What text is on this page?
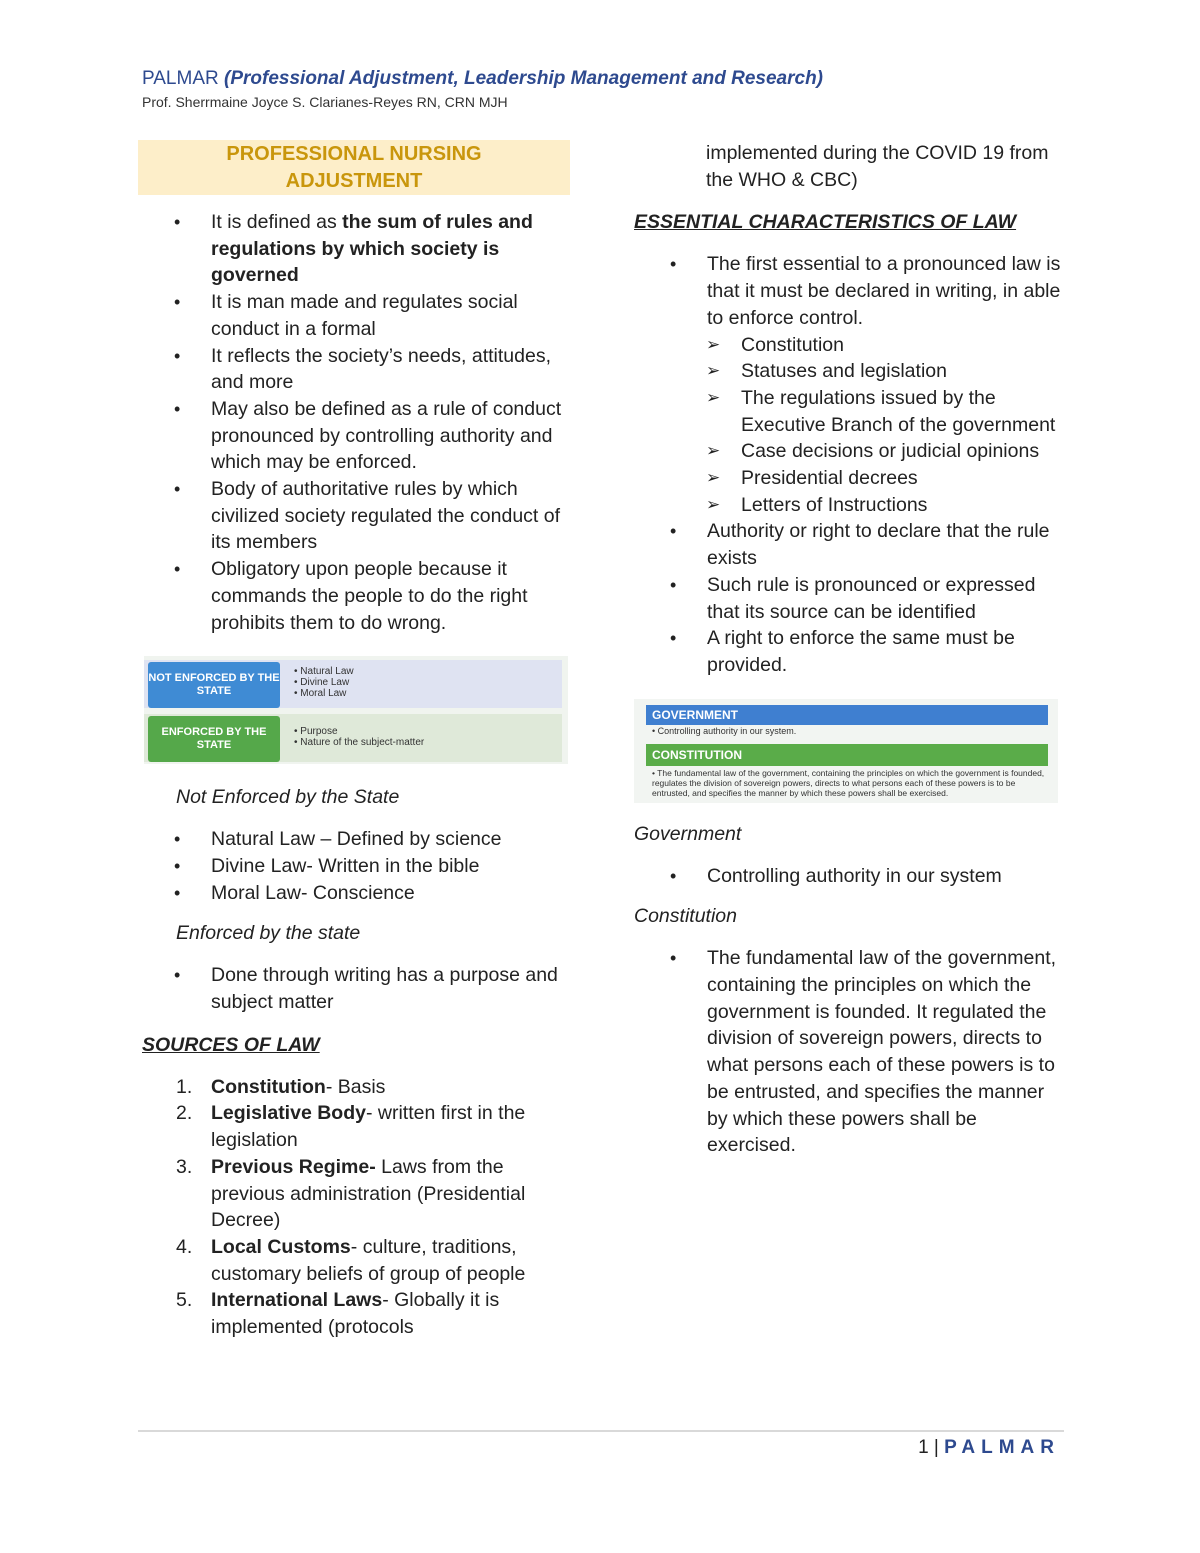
PALMAR (Professional Adjustment, Leadership Management and Research)
Prof. Sherrmaine Joyce S. Clarianes-Reyes RN, CRN MJH
PROFESSIONAL NURSING
ADJUSTMENT
• It is defined as the sum of rules and regulations by which society is governed
• It is man made and regulates social conduct in a formal
• It reflects the society’s needs, attitudes, and more
• May also be defined as a rule of conduct pronounced by controlling authority and which may be enforced.
• Body of authoritative rules by which civilized society regulated the conduct of its members
• Obligatory upon people because it commands the people to do the right prohibits them to do wrong.
NOT ENFORCED BY THE STATE
• Natural Law
• Divine Law
• Moral Law
ENFORCED BY THE STATE
• Purpose
• Nature of the subject-matter
Not Enforced by the State
• Natural Law – Defined by science
• Divine Law- Written in the bible
• Moral Law- Conscience
Enforced by the state
• Done through writing has a purpose and subject matter
SOURCES OF LAW
1. Constitution- Basis
2. Legislative Body- written first in the legislation
3. Previous Regime- Laws from the previous administration (Presidential Decree)
4. Local Customs- culture, traditions, customary beliefs of group of people
5. International Laws- Globally it is implemented (protocols
implemented during the COVID 19 from the WHO & CBC)
ESSENTIAL CHARACTERISTICS OF LAW
• The first essential to a pronounced law is that it must be declared in writing, in able to enforce control.
➢ Constitution
➢ Statuses and legislation
➢ The regulations issued by the Executive Branch of the government
➢ Case decisions or judicial opinions
➢ Presidential decrees
➢ Letters of Instructions
• Authority or right to declare that the rule exists
• Such rule is pronounced or expressed that its source can be identified
• A right to enforce the same must be provided.
GOVERNMENT
• Controlling authority in our system.
CONSTITUTION
• The fundamental law of the government, containing the principles on which the government is founded, regulates the division of sovereign powers, directs to what persons each of these powers is to be entrusted, and specifies the manner by which these powers shall be exercised.
Government
• Controlling authority in our system
Constitution
• The fundamental law of the government, containing the principles on which the government is founded. It regulated the division of sovereign powers, directs to what persons each of these powers is to be entrusted, and specifies the manner by which these powers shall be exercised.
1 | PALMAR
